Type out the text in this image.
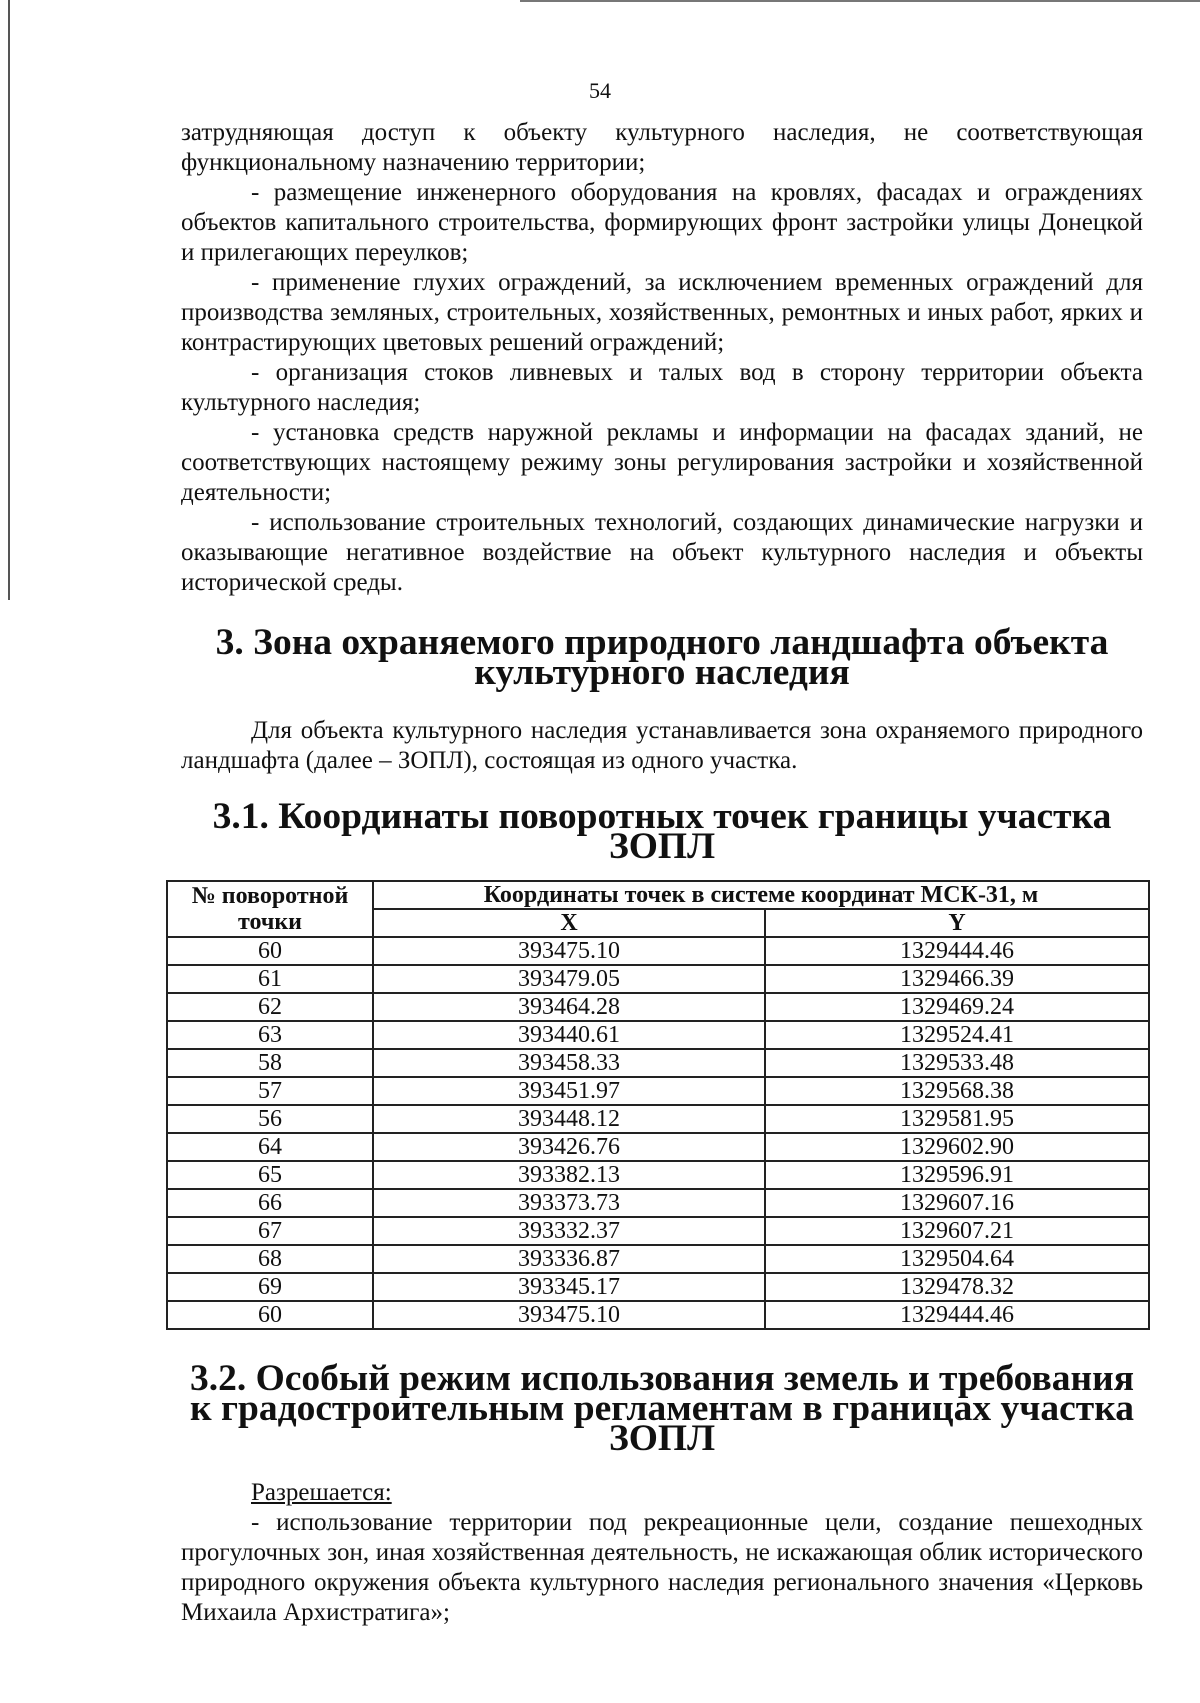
54

затрудняющая доступ к объекту культурного наследия, не соответствующая функциональному назначению территории;

- размещение инженерного оборудования на кровлях, фасадах и ограждениях объектов капитального строительства, формирующих фронт застройки улицы Донецкой и прилегающих переулков;

- применение глухих ограждений, за исключением временных ограждений для производства земляных, строительных, хозяйственных, ремонтных и иных работ, ярких и контрастирующих цветовых решений ограждений;

- организация стоков ливневых и талых вод в сторону территории объекта культурного наследия;

- установка средств наружной рекламы и информации на фасадах зданий, не соответствующих настоящему режиму зоны регулирования застройки и хозяйственной деятельности;

- использование строительных технологий, создающих динамические нагрузки и оказывающие негативное воздействие на объект культурного наследия и объекты исторической среды.

3. Зона охраняемого природного ландшафта объекта культурного наследия

Для объекта культурного наследия устанавливается зона охраняемого природного ландшафта (далее – ЗОПЛ), состоящая из одного участка.

3.1. Координаты поворотных точек границы участка ЗОПЛ
№ поворотной
точки	Координаты точек в системе координат МСК-31, м	
	X	Y
60	393475.10	1329444.46
61	393479.05	1329466.39
62	393464.28	1329469.24
63	393440.61	1329524.41
58	393458.33	1329533.48
57	393451.97	1329568.38
56	393448.12	1329581.95
64	393426.76	1329602.90
65	393382.13	1329596.91
66	393373.73	1329607.16
67	393332.37	1329607.21
68	393336.87	1329504.64
69	393345.17	1329478.32
60	393475.10	1329444.46
3.2. Особый режим использования земель и требования
к градостроительным регламентам в границах участка ЗОПЛ

Разрешается:

- использование территории под рекреационные цели, создание пешеходных прогулочных зон, иная хозяйственная деятельность, не искажающая облик исторического природного окружения объекта культурного наследия регионального значения «Церковь Михаила Архистратига»;
